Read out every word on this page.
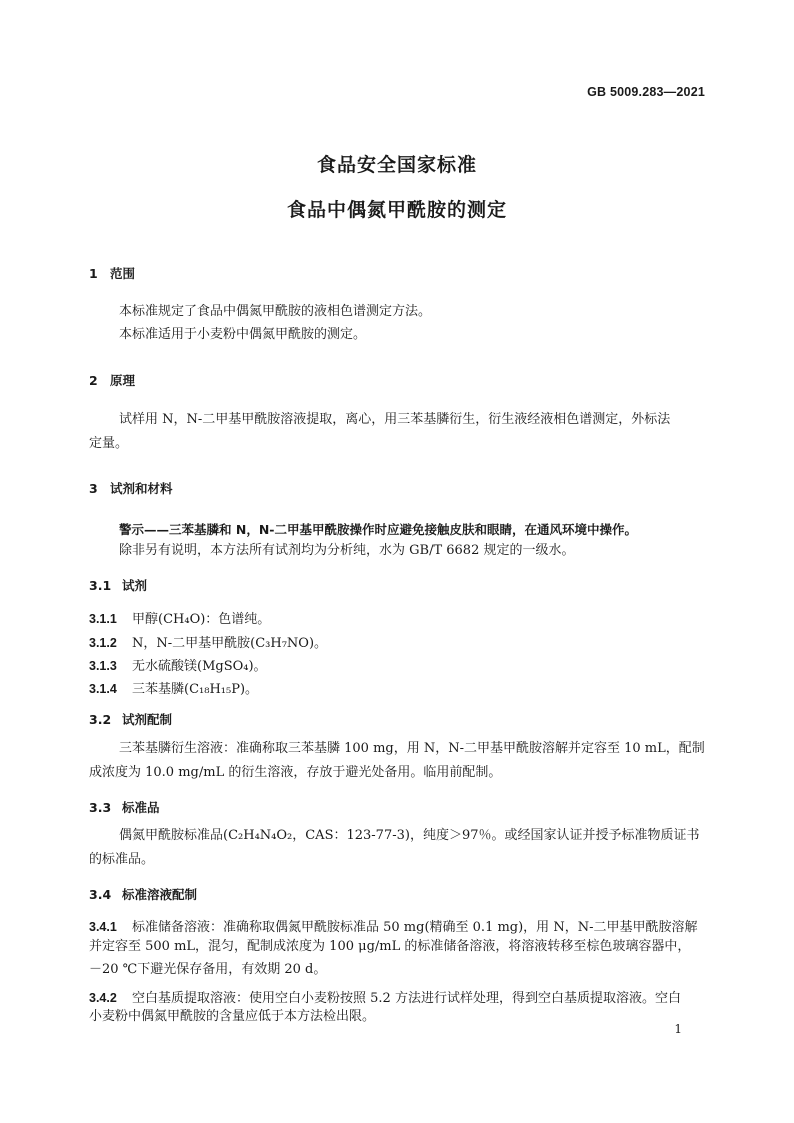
GB 5009.283—2021
食品安全国家标准
食品中偶氮甲酰胺的测定
1 范围
本标准规定了食品中偶氮甲酰胺的液相色谱测定方法。
本标准适用于小麦粉中偶氮甲酰胺的测定。
2 原理
试样用 N，N-二甲基甲酰胺溶液提取，离心，用三苯基膦衍生，衍生液经液相色谱测定，外标法
定量。
3 试剂和材料
警示——三苯基膦和 N，N-二甲基甲酰胺操作时应避免接触皮肤和眼睛，在通风环境中操作。
除非另有说明，本方法所有试剂均为分析纯，水为 GB/T 6682 规定的一级水。
3.1 试剂
3.1.1 甲醇(CH₄O)：色谱纯。
3.1.2 N，N-二甲基甲酰胺(C₃H₇NO)。
3.1.3 无水硫酸镁(MgSO₄)。
3.1.4 三苯基膦(C₁₈H₁₅P)。
3.2 试剂配制
三苯基膦衍生溶液：准确称取三苯基膦 100 mg，用 N，N-二甲基甲酰胺溶解并定容至 10 mL，配制
成浓度为 10.0 mg/mL 的衍生溶液，存放于避光处备用。临用前配制。
3.3 标准品
偶氮甲酰胺标准品(C₂H₄N₄O₂，CAS：123-77-3)，纯度＞97％。或经国家认证并授予标准物质证书
的标准品。
3.4 标准溶液配制
3.4.1 标准储备溶液：准确称取偶氮甲酰胺标准品 50 mg(精确至 0.1 mg)，用 N，N-二甲基甲酰胺溶解
并定容至 500 mL，混匀，配制成浓度为 100 μg/mL 的标准储备溶液，将溶液转移至棕色玻璃容器中，
－20 ℃下避光保存备用，有效期 20 d。
3.4.2 空白基质提取溶液：使用空白小麦粉按照 5.2 方法进行试样处理，得到空白基质提取溶液。空白
小麦粉中偶氮甲酰胺的含量应低于本方法检出限。
1
